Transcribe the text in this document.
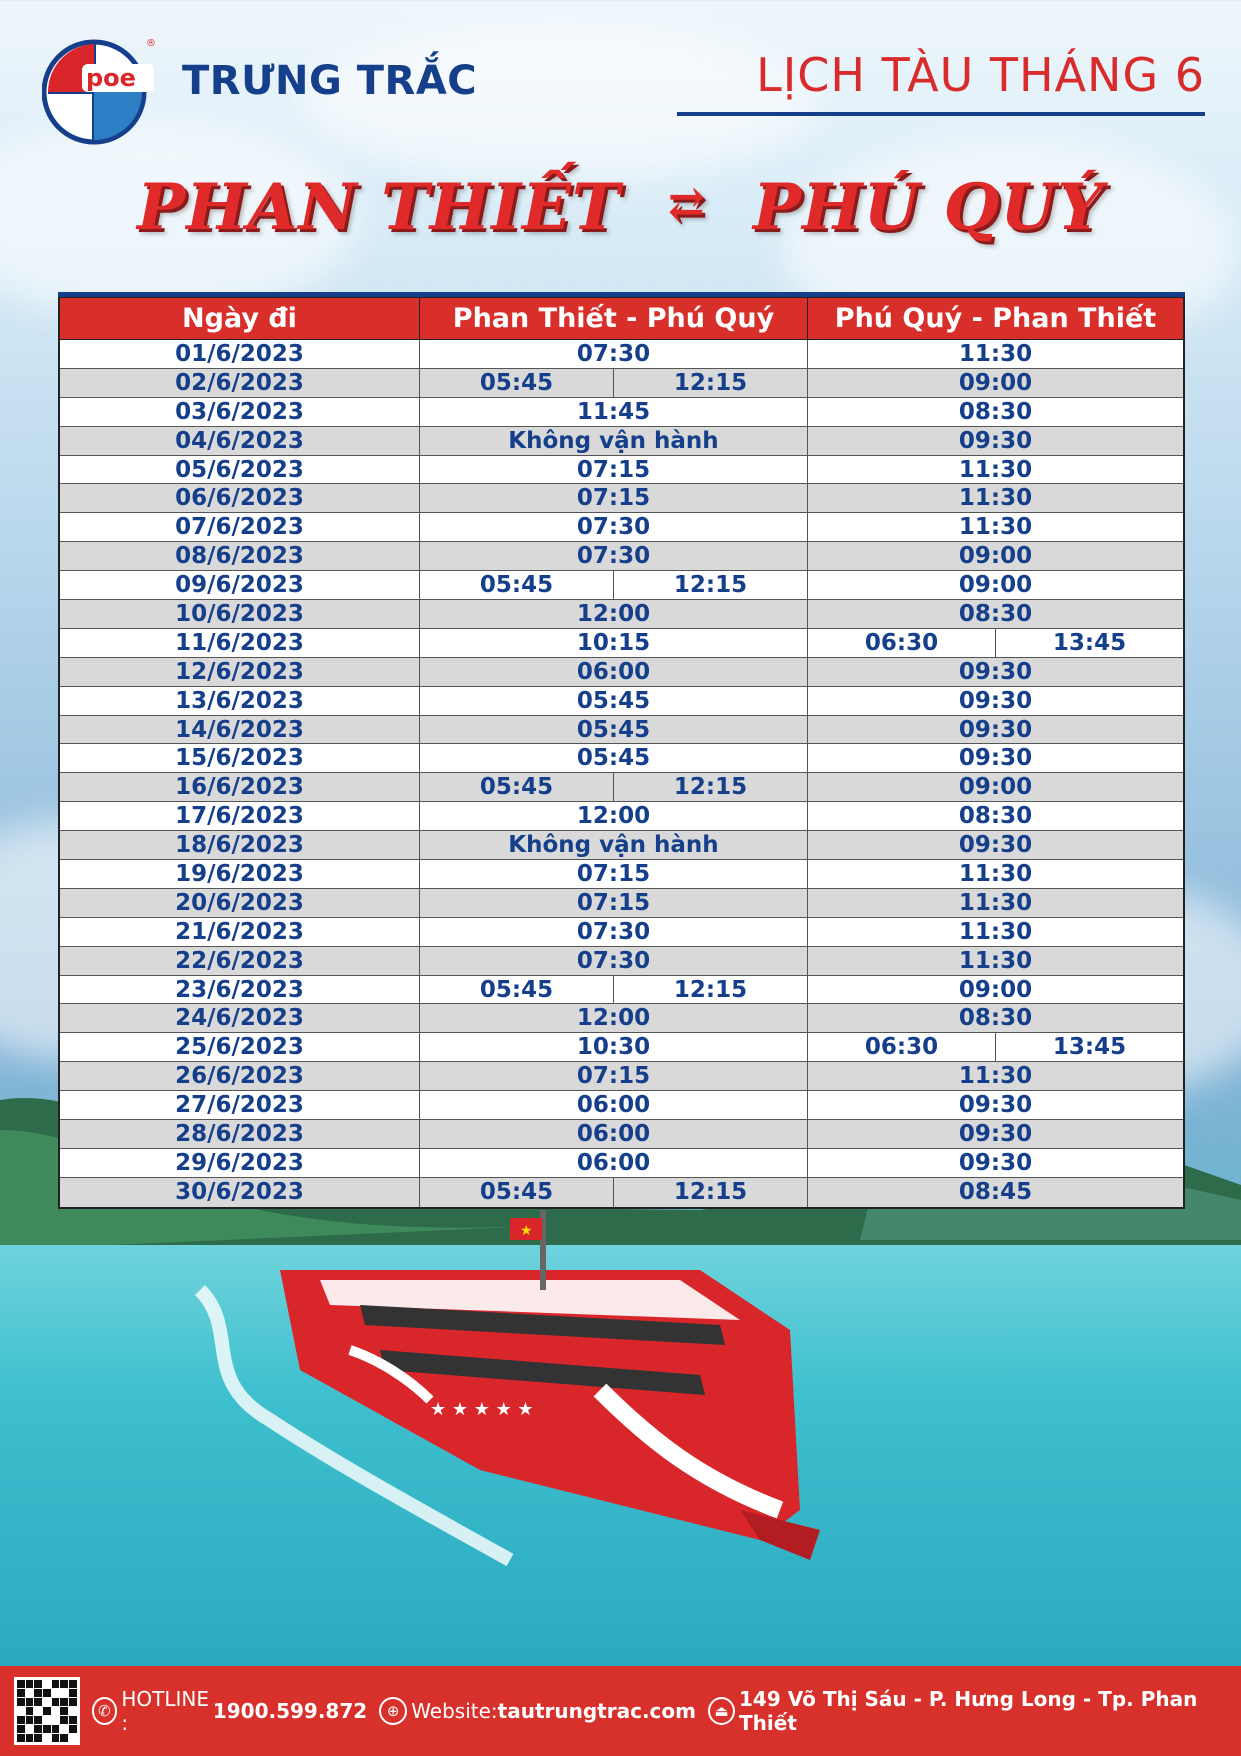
★
★ ★ ★ ★ ★
poe
®
TRƯNG TRẮC	LỊCH TÀU THÁNG 6
PHAN THIẾT ⇄ PHÚ QUÝ
Ngày đi	Phan Thiết - Phú Quý	Phú Quý - Phan Thiết
01/6/2023	07:30	11:30
02/6/2023	05:45	12:15	09:00
03/6/2023	11:45	08:30
04/6/2023	Không vận hành	09:30
05/6/2023	07:15	11:30
06/6/2023	07:15	11:30
07/6/2023	07:30	11:30
08/6/2023	07:30	09:00
09/6/2023	05:45	12:15	09:00
10/6/2023	12:00	08:30
11/6/2023	10:15	06:30	13:45
12/6/2023	06:00	09:30
13/6/2023	05:45	09:30
14/6/2023	05:45	09:30
15/6/2023	05:45	09:30
16/6/2023	05:45	12:15	09:00
17/6/2023	12:00	08:30
18/6/2023	Không vận hành	09:30
19/6/2023	07:15	11:30
20/6/2023	07:15	11:30
21/6/2023	07:30	11:30
22/6/2023	07:30	11:30
23/6/2023	05:45	12:15	09:00
24/6/2023	12:00	08:30
25/6/2023	10:30	06:30	13:45
26/6/2023	07:15	11:30
27/6/2023	06:00	09:30
28/6/2023	06:00	09:30
29/6/2023	06:00	09:30
30/6/2023	05:45	12:15	08:45
✆ HOTLINE :	1900.599.872	⊕ Website: tautrungtrac.com	⏏ 149 Võ Thị Sáu - P. Hưng Long - Tp. Phan Thiết
